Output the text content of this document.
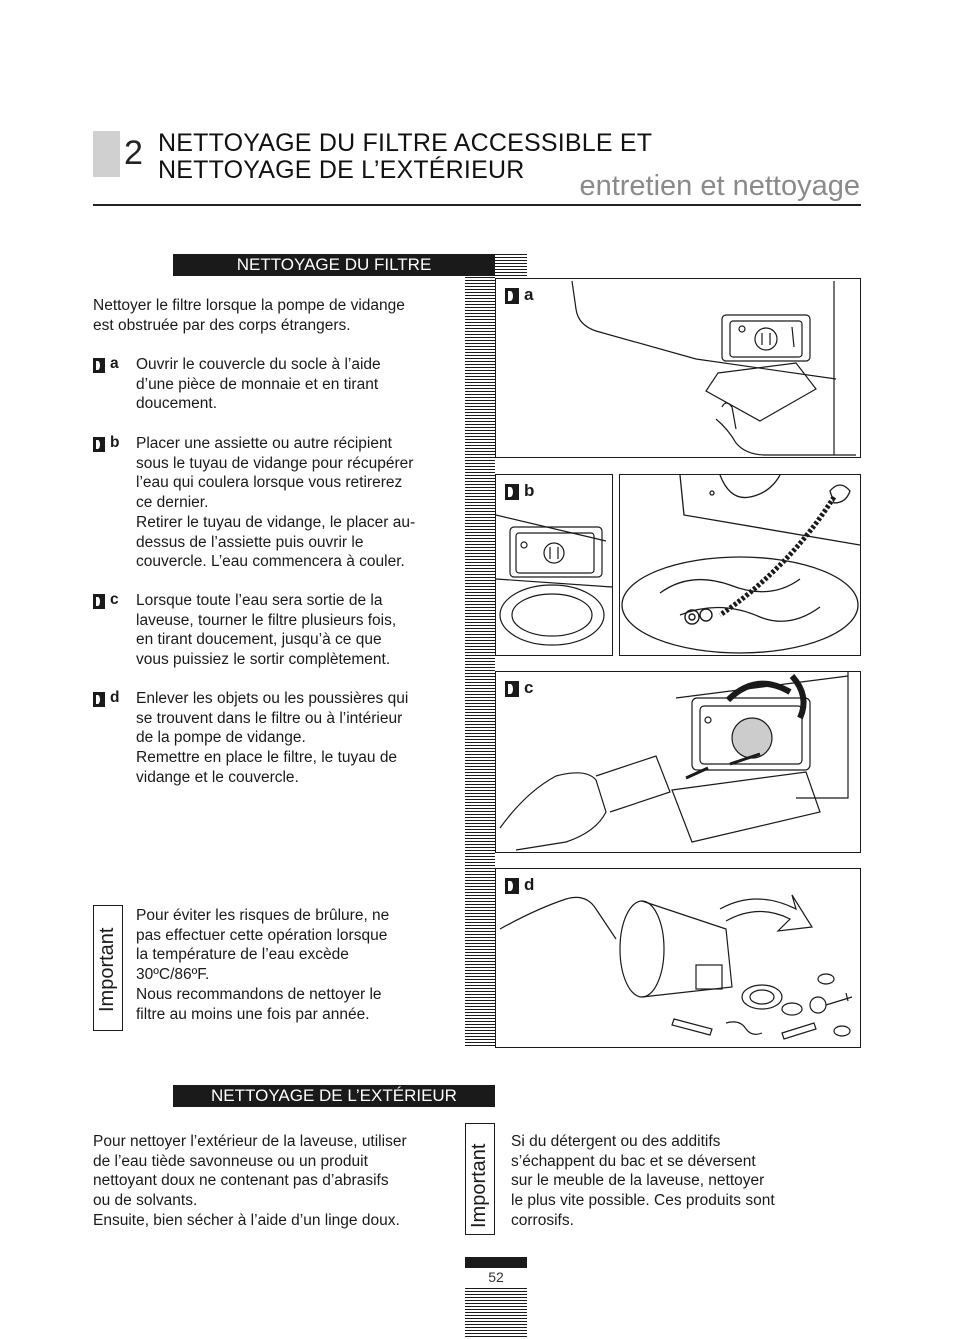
2 NETTOYAGE DU FILTRE ACCESSIBLE ET
NETTOYAGE DE L’EXTÉRIEUR entretien et nettoyage
NETTOYAGE DU FILTRE
Nettoyer le filtre lorsque la pompe de vidange
est obstruée par des corps étrangers.
a Ouvrir le couvercle du socle à l’aide
d’une pièce de monnaie et en tirant
doucement.
b Placer une assiette ou autre récipient
sous le tuyau de vidange pour récupérer
l’eau qui coulera lorsque vous retirerez
ce dernier.
Retirer le tuyau de vidange, le placer au-
dessus de l’assiette puis ouvrir le
couvercle. L’eau commencera à couler.
c Lorsque toute l’eau sera sortie de la
laveuse, tourner le filtre plusieurs fois,
en tirant doucement, jusqu’à ce que
vous puissiez le sortir complètement.
d Enlever les objets ou les poussières qui
se trouvent dans le filtre ou à l’intérieur
de la pompe de vidange.
Remettre en place le filtre, le tuyau de
vidange et le couvercle.
Important
Pour éviter les risques de brûlure, ne
pas effectuer cette opération lorsque
la température de l’eau excède
30ºC/86ºF.
Nous recommandons de nettoyer le
filtre au moins une fois par année.
a
b
c
d
NETTOYAGE DE L’EXTÉRIEUR
Pour nettoyer l’extérieur de la laveuse, utiliser
de l’eau tiède savonneuse ou un produit
nettoyant doux ne contenant pas d’abrasifs
ou de solvants.
Ensuite, bien sécher à l’aide d’un linge doux.	Important
Si du détergent ou des additifs
s’échappent du bac et se déversent
sur le meuble de la laveuse, nettoyer
le plus vite possible. Ces produits sont
corrosifs.
52
